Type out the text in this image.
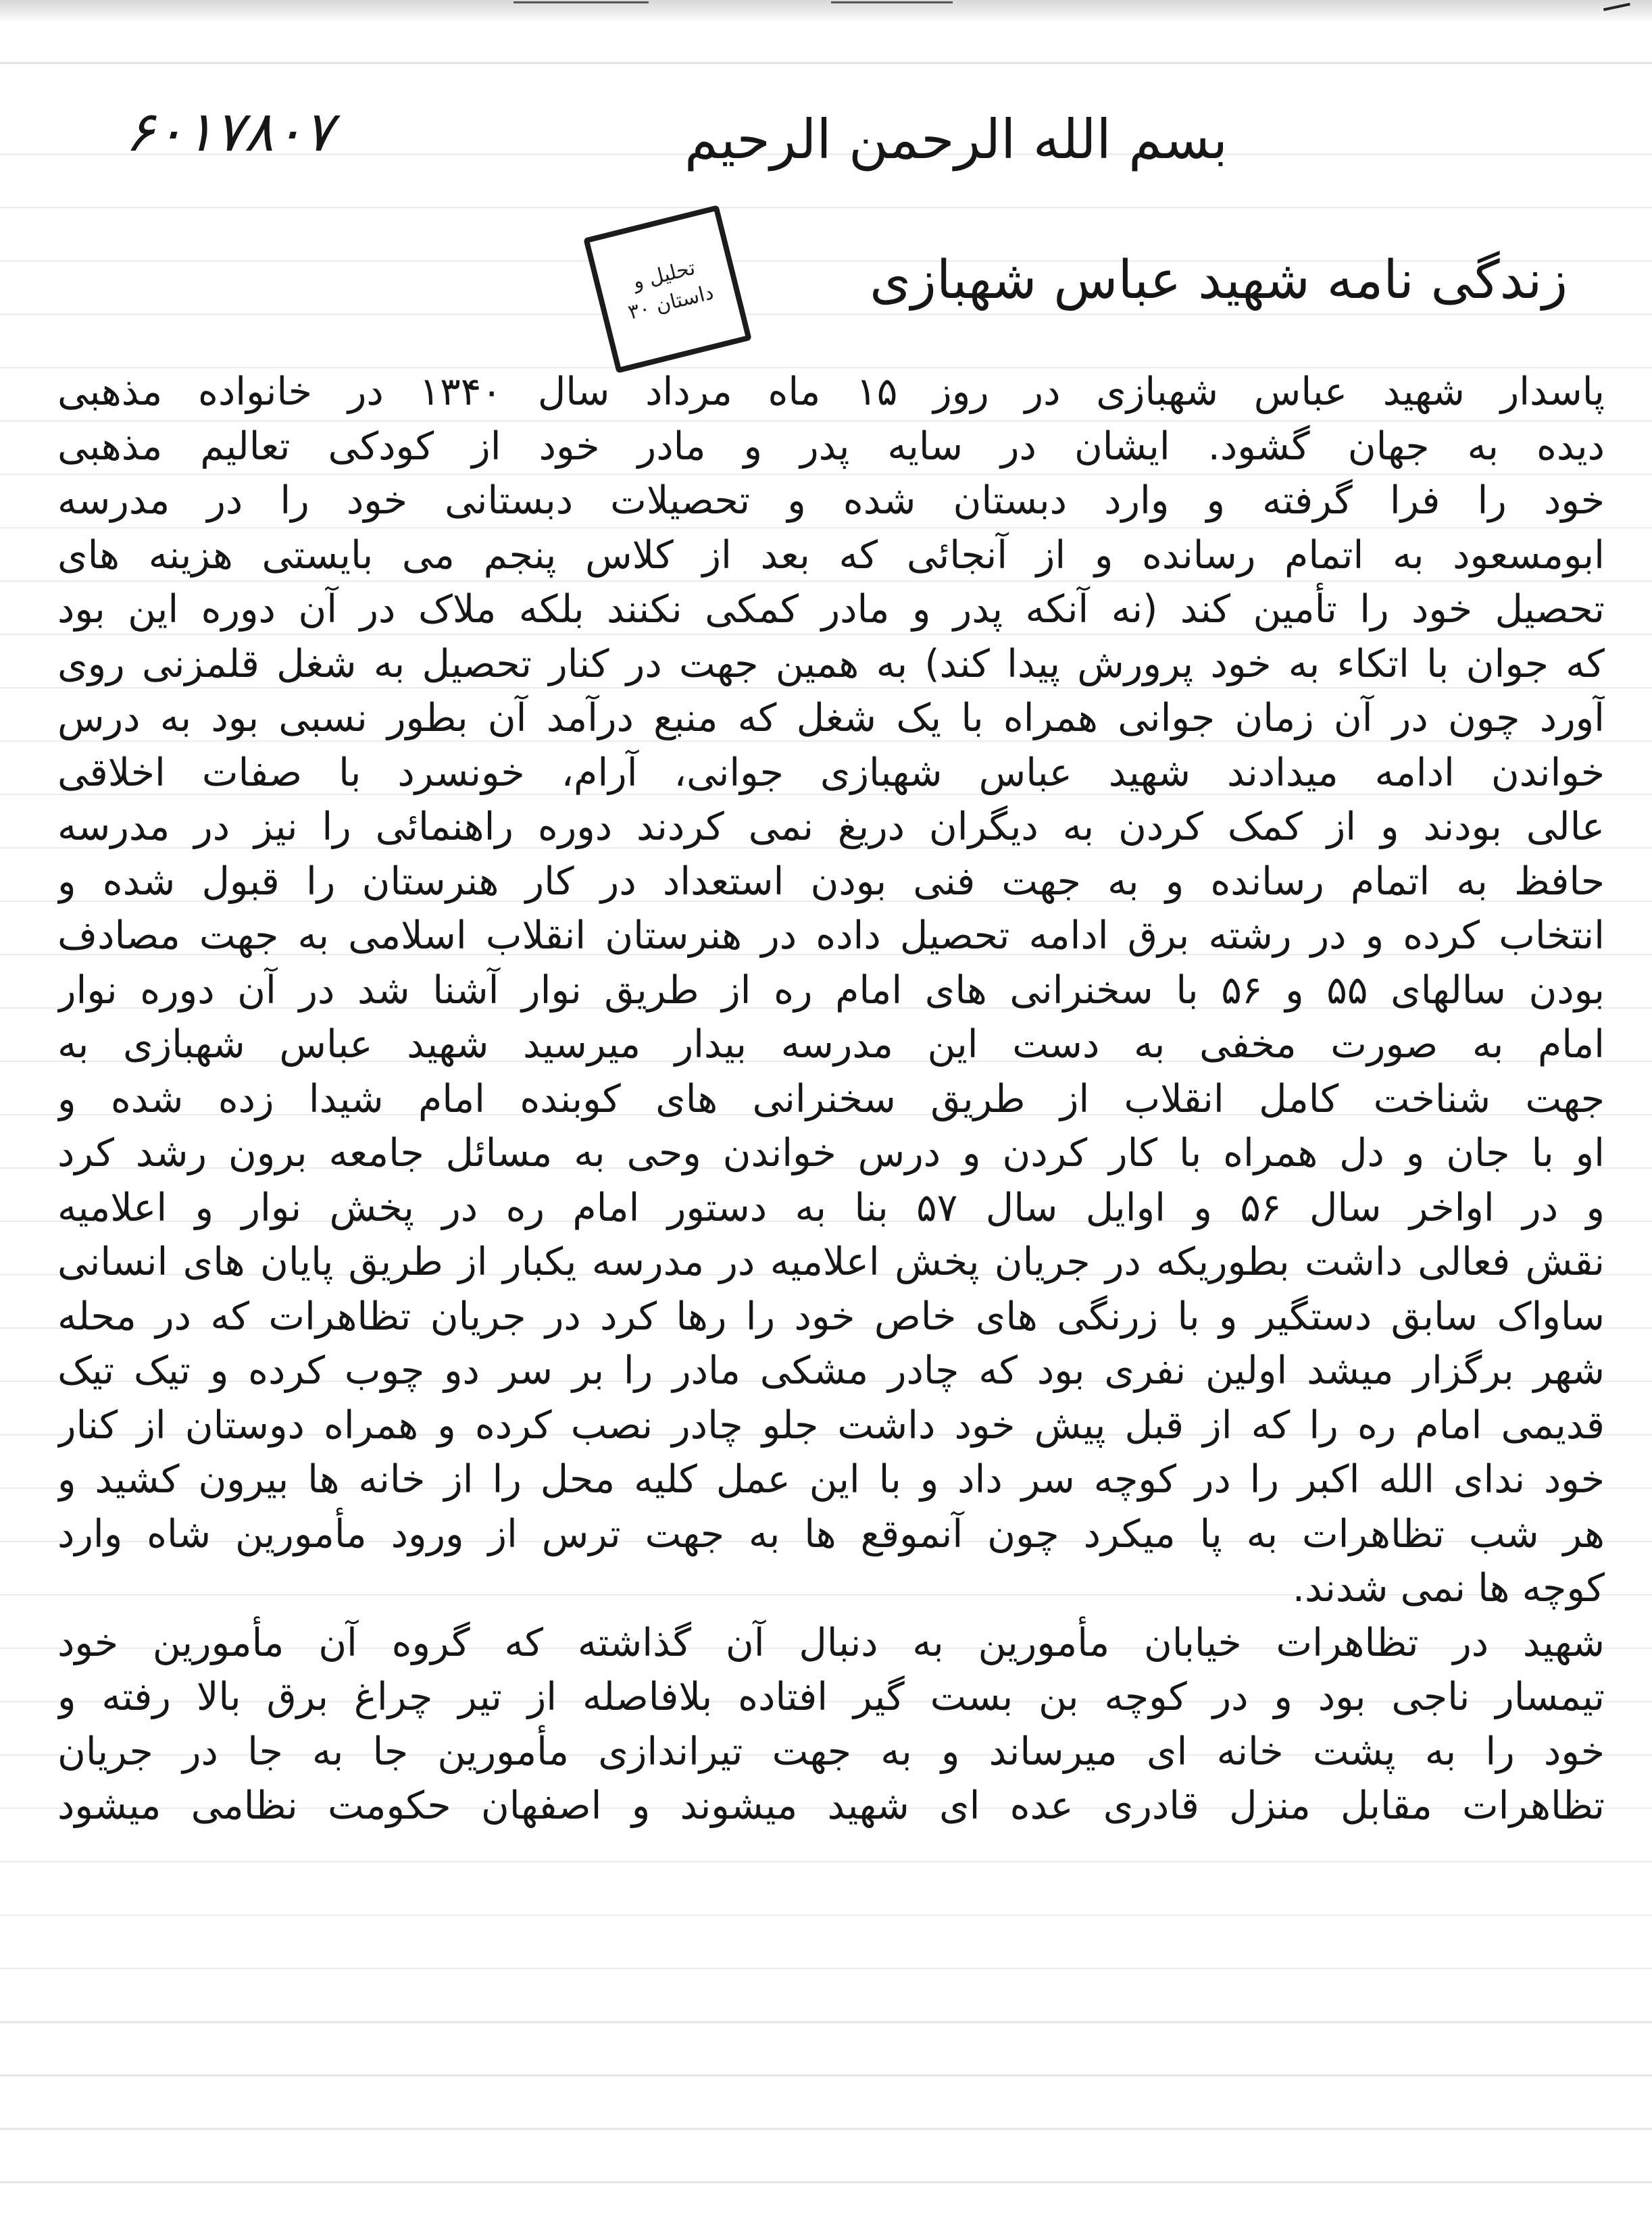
۶۰۱۷۸۰۷	بسم الله الرحمن الرحیم
تحلیل و
داستان ۳۰	زندگی نامه شهید عباس شهبازی
پاسدار شهید عباس شهبازی در روز ۱۵ ماه مرداد سال ۱۳۴۰ در خانواده مذهبی
دیده به جهان گشود. ایشان در سایه پدر و مادر خود از کودکی تعالیم مذهبی
خود را فرا گرفته و وارد دبستان شده و تحصیلات دبستانی خود را در مدرسه
ابومسعود به اتمام رسانده و از آنجائی که بعد از کلاس پنجم می بایستی هزینه های
تحصیل خود را تأمین کند (نه آنکه پدر و مادر کمکی نکنند بلکه ملاک در آن دوره این بود
که جوان با اتکاء به خود پرورش پیدا کند) به همین جهت در کنار تحصیل به شغل قلمزنی روی
آورد چون در آن زمان جوانی همراه با یک شغل که منبع درآمد آن بطور نسبی بود به درس
خواندن ادامه میدادند شهید عباس شهبازی جوانی، آرام، خونسرد با صفات اخلاقی
عالی بودند و از کمک کردن به دیگران دریغ نمی کردند دوره راهنمائی را نیز در مدرسه
حافظ به اتمام رسانده و به جهت فنی بودن استعداد در کار هنرستان را قبول شده و
انتخاب کرده و در رشته برق ادامه تحصیل داده در هنرستان انقلاب اسلامی به جهت مصادف
بودن سالهای ۵۵ و ۵۶ با سخنرانی های امام ره از طریق نوار آشنا شد در آن دوره نوار
امام به صورت مخفی به دست این مدرسه بیدار میرسید شهید عباس شهبازی به
جهت شناخت کامل انقلاب از طریق سخنرانی های کوبنده امام شیدا زده شده و
او با جان و دل همراه با کار کردن و درس خواندن وحی به مسائل جامعه برون رشد کرد
و در اواخر سال ۵۶ و اوایل سال ۵۷ بنا به دستور امام ره در پخش نوار و اعلامیه
نقش فعالی داشت بطوریکه در جریان پخش اعلامیه در مدرسه یکبار از طریق پایان های انسانی
ساواک سابق دستگیر و با زرنگی های خاص خود را رها کرد در جریان تظاهرات که در محله
شهر برگزار میشد اولین نفری بود که چادر مشکی مادر را بر سر دو چوب کرده و تیک تیک
قدیمی امام ره را که از قبل پیش خود داشت جلو چادر نصب کرده و همراه دوستان از کنار
خود ندای الله اکبر را در کوچه سر داد و با این عمل کلیه محل را از خانه ها بیرون کشید و
هر شب تظاهرات به پا میکرد چون آنموقع ها به جهت ترس از ورود مأمورین شاه وارد
کوچه ها نمی شدند.
شهید در تظاهرات خیابان مأمورین به دنبال آن گذاشته که گروه آن مأمورین خود
تیمسار ناجی بود و در کوچه بن بست گیر افتاده بلافاصله از تیر چراغ برق بالا رفته و
خود را به پشت خانه ای میرساند و به جهت تیراندازی مأمورین جا به جا در جریان
تظاهرات مقابل منزل قادری عده ای شهید میشوند و اصفهان حکومت نظامی میشود
